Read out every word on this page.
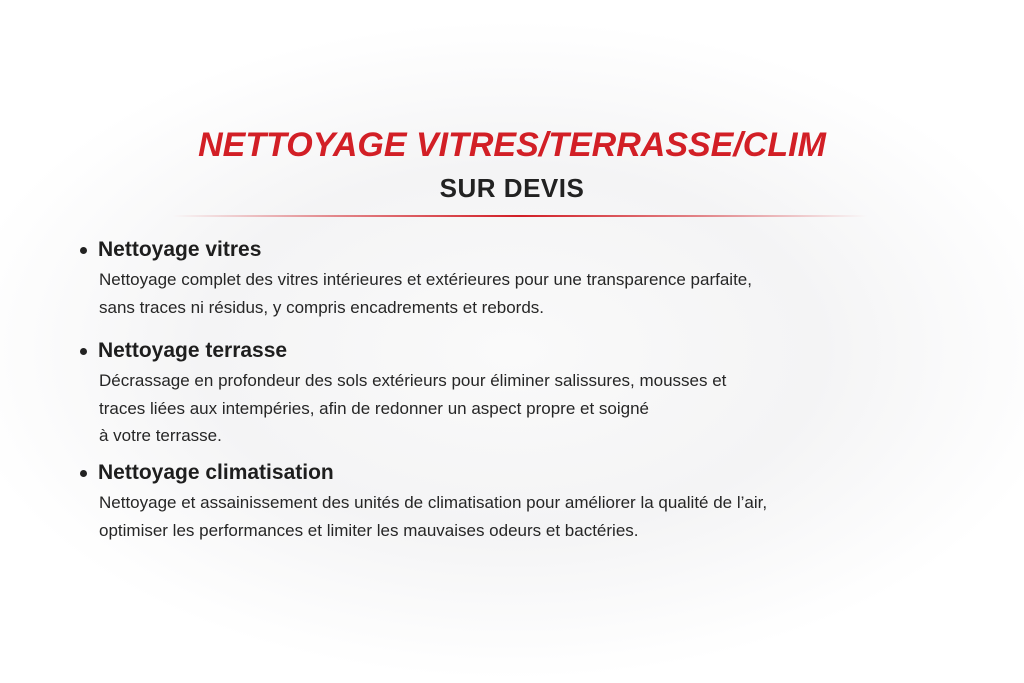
NETTOYAGE VITRES/TERRASSE/CLIM
SUR DEVIS
Nettoyage vitres

Nettoyage complet des vitres intérieures et extérieures pour une transparence parfaite,
sans traces ni résidus, y compris encadrements et rebords.

Nettoyage terrasse

Décrassage en profondeur des sols extérieurs pour éliminer salissures, mousses et
traces liées aux intempéries, afin de redonner un aspect propre et soigné
à votre terrasse.

Nettoyage climatisation

Nettoyage et assainissement des unités de climatisation pour améliorer la qualité de l’air,
optimiser les performances et limiter les mauvaises odeurs et bactéries.
